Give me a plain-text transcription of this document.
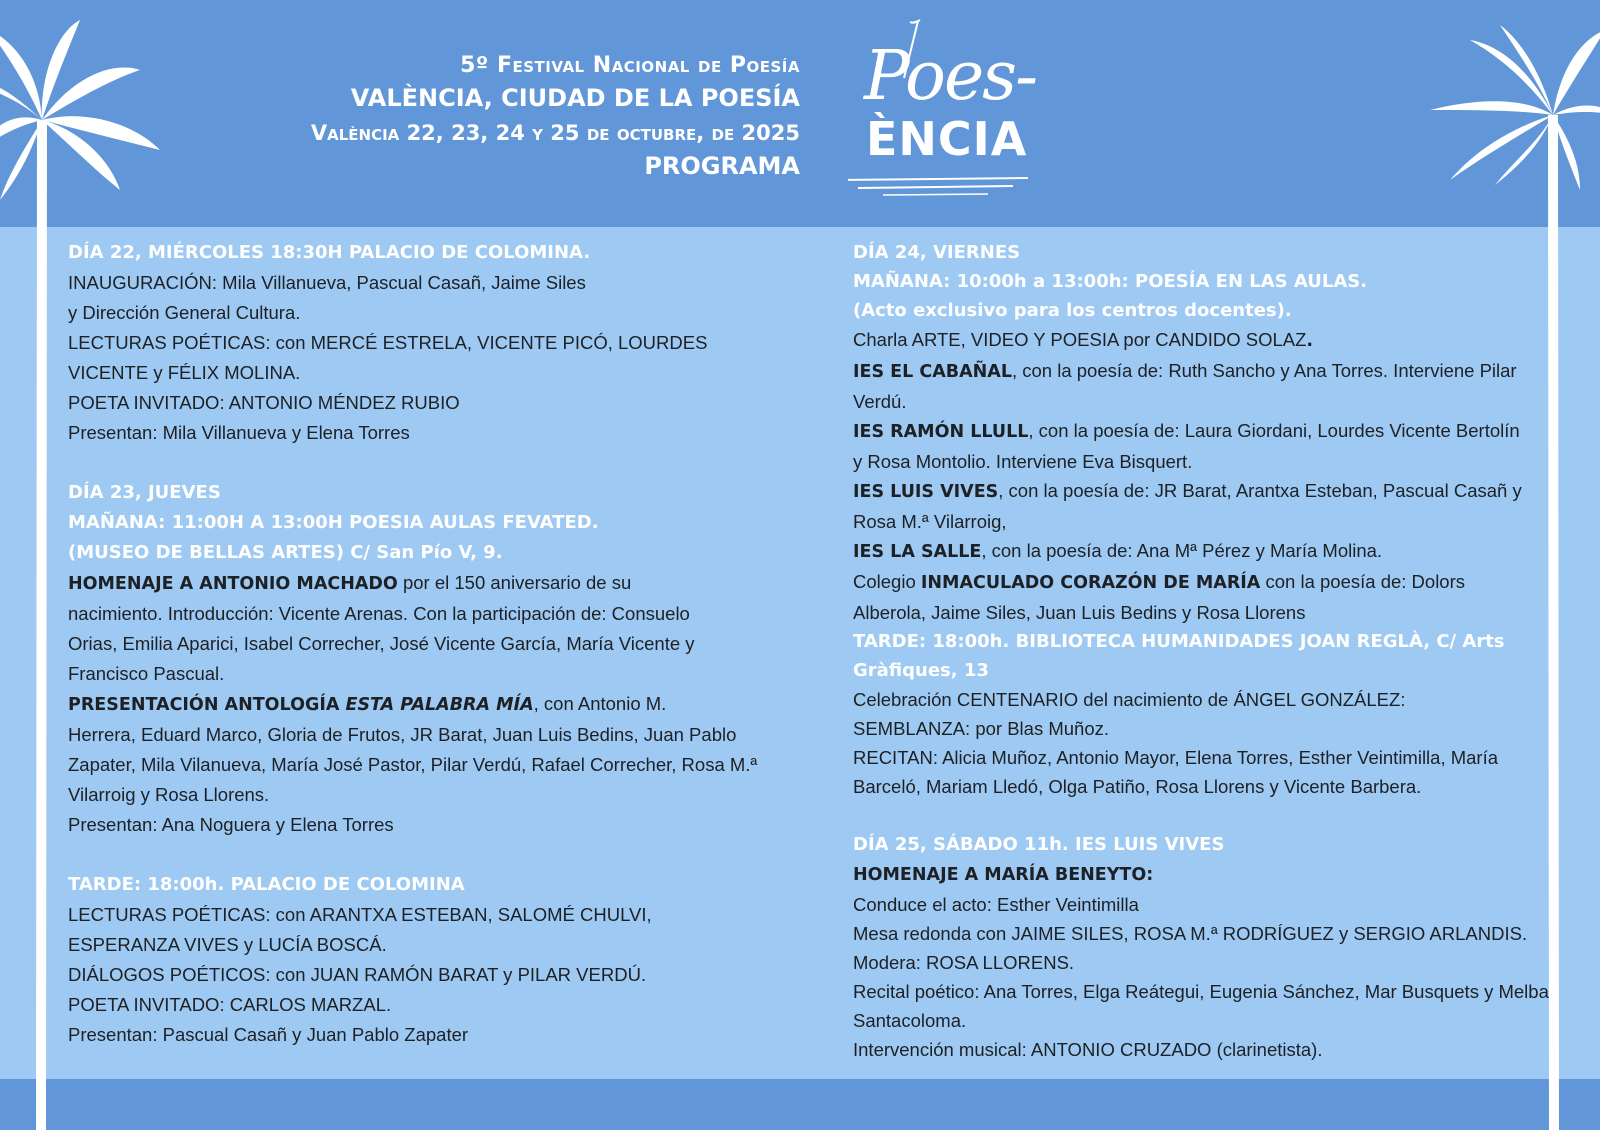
5º Festival Nacional de Poesía
VALÈNCIA, CIUDAD DE LA POESÍA
València 22, 23, 24 y 25 de octubre, de 2025
PROGRAMA
Poes-
ÈNCIA

DÍA 22, MIÉRCOLES 18:30H PALACIO DE COLOMINA.

INAUGURACIÓN: Mila Villanueva, Pascual Casañ, Jaime Siles

y Dirección General Cultura.

LECTURAS POÉTICAS: con MERCÉ ESTRELA, VICENTE PICÓ, LOURDES

VICENTE y FÉLIX MOLINA.

POETA INVITADO: ANTONIO MÉNDEZ RUBIO

Presentan: Mila Villanueva y Elena Torres

DÍA 23, JUEVES

MAÑANA: 11:00H A 13:00H POESIA AULAS FEVATED.

(MUSEO DE BELLAS ARTES) C/ San Pío V, 9.

HOMENAJE A ANTONIO MACHADO por el 150 aniversario de su

nacimiento. Introducción: Vicente Arenas. Con la participación de: Consuelo

Orias, Emilia Aparici, Isabel Correcher, José Vicente García, María Vicente y

Francisco Pascual.

PRESENTACIÓN ANTOLOGÍA ESTA PALABRA MÍA, con Antonio M.

Herrera, Eduard Marco, Gloria de Frutos, JR Barat, Juan Luis Bedins, Juan Pablo

Zapater, Mila Vilanueva, María José Pastor, Pilar Verdú, Rafael Correcher, Rosa M.ª

Vilarroig y Rosa Llorens.

Presentan: Ana Noguera y Elena Torres

TARDE: 18:00h. PALACIO DE COLOMINA

LECTURAS POÉTICAS: con ARANTXA ESTEBAN, SALOMÉ CHULVI,

ESPERANZA VIVES y LUCÍA BOSCÁ.

DIÁLOGOS POÉTICOS: con JUAN RAMÓN BARAT y PILAR VERDÚ.

POETA INVITADO: CARLOS MARZAL.

Presentan: Pascual Casañ y Juan Pablo Zapater

DÍA 24, VIERNES

MAÑANA: 10:00h a 13:00h: POESÍA EN LAS AULAS.

(Acto exclusivo para los centros docentes).

Charla ARTE, VIDEO Y POESIA por CANDIDO SOLAZ.

IES EL CABAÑAL, con la poesía de: Ruth Sancho y Ana Torres. Interviene Pilar

Verdú.

IES RAMÓN LLULL, con la poesía de: Laura Giordani, Lourdes Vicente Bertolín

y Rosa Montolio. Interviene Eva Bisquert.

IES LUIS VIVES, con la poesía de: JR Barat, Arantxa Esteban, Pascual Casañ y

Rosa M.ª Vilarroig,

IES LA SALLE, con la poesía de: Ana Mª Pérez y María Molina.

Colegio INMACULADO CORAZÓN DE MARÍA con la poesía de: Dolors

Alberola, Jaime Siles, Juan Luis Bedins y Rosa Llorens

TARDE: 18:00h. BIBLIOTECA HUMANIDADES JOAN REGLÀ, C/ Arts

Gràfiques, 13

Celebración CENTENARIO del nacimiento de ÁNGEL GONZÁLEZ:

SEMBLANZA: por Blas Muñoz.

RECITAN: Alicia Muñoz, Antonio Mayor, Elena Torres, Esther Veintimilla, María

Barceló, Mariam Lledó, Olga Patiño, Rosa Llorens y Vicente Barbera.

DÍA 25, SÁBADO 11h. IES LUIS VIVES

HOMENAJE A MARÍA BENEYTO:

Conduce el acto: Esther Veintimilla

Mesa redonda con JAIME SILES, ROSA M.ª RODRÍGUEZ y SERGIO ARLANDIS.

Modera: ROSA LLORENS.

Recital poético: Ana Torres, Elga Reátegui, Eugenia Sánchez, Mar Busquets y Melba

Santacoloma.

Intervención musical: ANTONIO CRUZADO (clarinetista).
